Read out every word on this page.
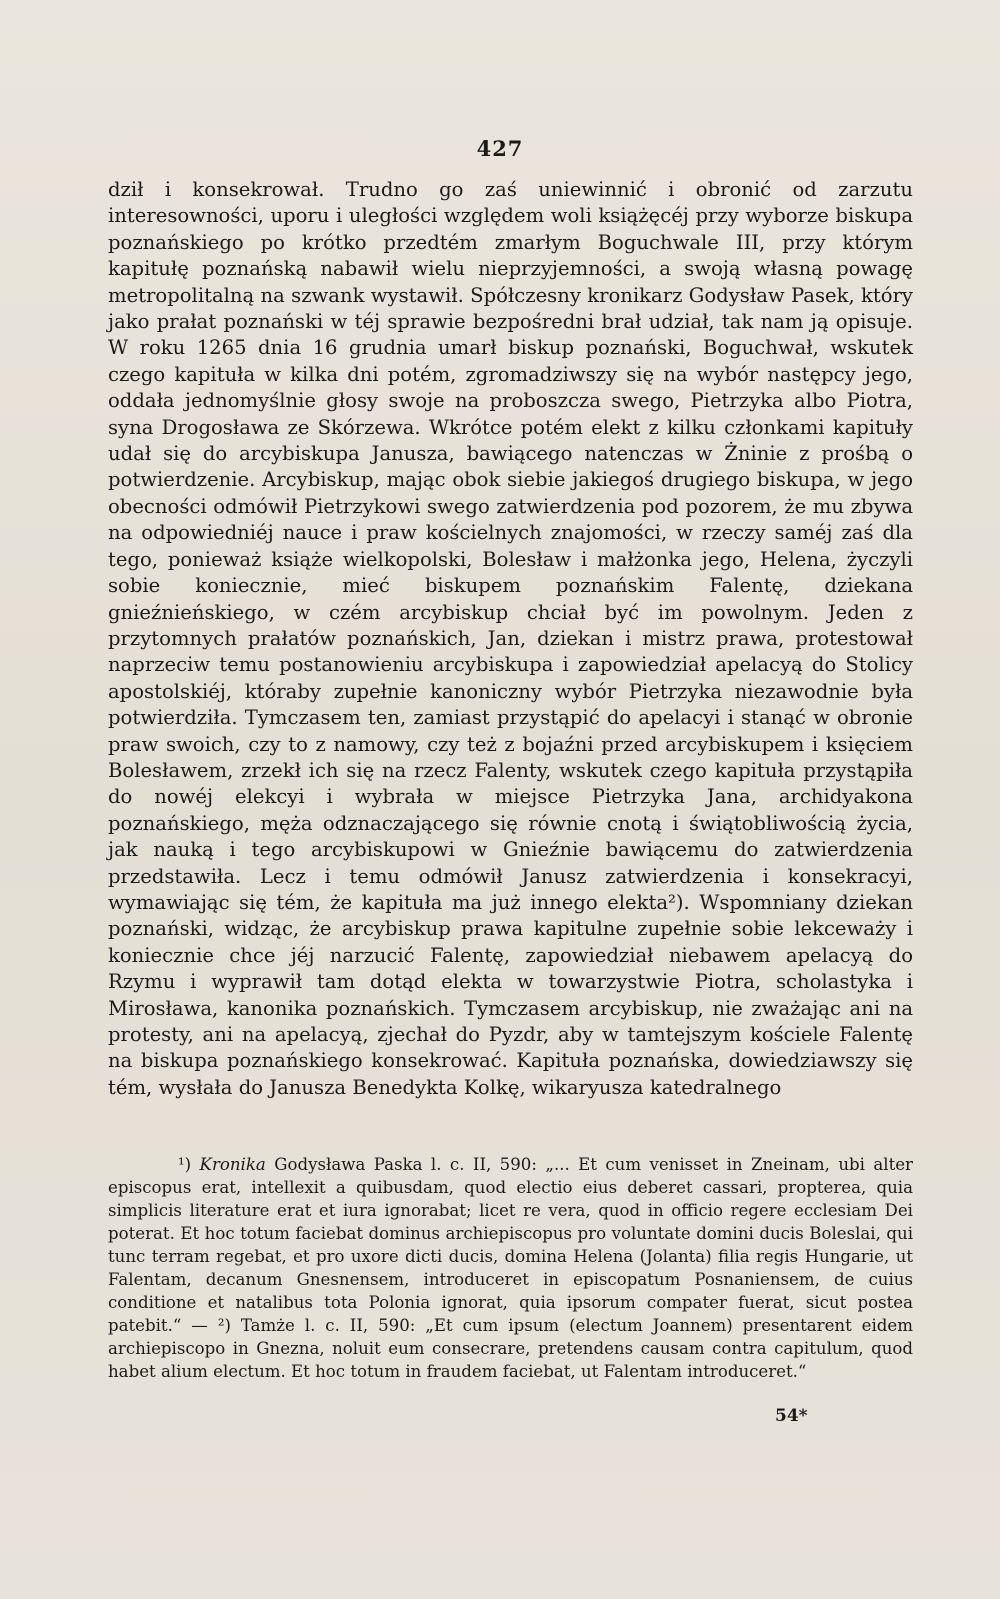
427

dził i konsekrował. Trudno go zaś uniewinnić i obronić od zarzutu interesowności, uporu i uległości względem woli książęcéj przy wyborze biskupa poznańskiego po krótko przedtém zmarłym Boguchwale III, przy którym kapitułę poznańską nabawił wielu nieprzyjemności, a swoją własną powagę metropolitalną na szwank wystawił. Spółczesny kronikarz Godysław Pasek, który jako prałat poznański w téj sprawie bezpośredni brał udział, tak nam ją opisuje. W roku 1265 dnia 16 grudnia umarł biskup poznański, Boguchwał, wskutek czego kapituła w kilka dni potém, zgromadziwszy się na wybór następcy jego, oddała jednomyślnie głosy swoje na proboszcza swego, Pietrzyka albo Piotra, syna Drogosława ze Skórzewa. Wkrótce potém elekt z kilku członkami kapituły udał się do arcybiskupa Janusza, bawiącego natenczas w Żninie z prośbą o potwierdzenie. Arcybiskup, mając obok siebie jakiegoś drugiego biskupa, w jego obecności odmówił Pietrzykowi swego zatwierdzenia pod pozorem, że mu zbywa na odpowiedniéj nauce i praw kościelnych znajomości, w rzeczy saméj zaś dla tego, ponieważ książe wielkopolski, Bolesław i małżonka jego, Helena, życzyli sobie koniecznie, mieć biskupem poznańskim Falentę, dziekana gnieźnieńskiego, w czém arcybiskup chciał być im powolnym. Jeden z przytomnych prałatów poznańskich, Jan, dziekan i mistrz prawa, protestował naprzeciw temu postanowieniu arcybiskupa i zapowiedział apelacyą do Stolicy apostolskiéj, któraby zupełnie kanoniczny wybór Pietrzyka niezawodnie była potwierdziła. Tymczasem ten, zamiast przystąpić do apelacyi i stanąć w obronie praw swoich, czy to z namowy, czy też z bojaźni przed arcybiskupem i księciem Bolesławem, zrzekł ich się na rzecz Falenty, wskutek czego kapituła przystąpiła do nowéj elekcyi i wybrała w miejsce Pietrzyka Jana, archidyakona poznańskiego, męża odznaczającego się równie cnotą i świątobliwością życia, jak nauką i tego arcybiskupowi w Gnieźnie bawiącemu do zatwierdzenia przedstawiła. Lecz i temu odmówił Janusz zatwierdzenia i konsekracyi, wymawiając się tém, że kapituła ma już innego elekta²). Wspomniany dziekan poznański, widząc, że arcybiskup prawa kapitulne zupełnie sobie lekceważy i koniecznie chce jéj narzucić Falentę, zapowiedział niebawem apelacyą do Rzymu i wyprawił tam dotąd elekta w towarzystwie Piotra, scholastyka i Mirosława, kanonika poznańskich. Tymczasem arcybiskup, nie zważając ani na protesty, ani na apelacyą, zjechał do Pyzdr, aby w tamtejszym kościele Falentę na biskupa poznańskiego konsekrować. Kapituła poznańska, dowiedziawszy się tém, wysłała do Janusza Benedykta Kolkę, wikaryusza katedralnego

¹) Kronika Godysława Paska l. c. II, 590: „... Et cum venisset in Zneinam, ubi alter episcopus erat, intellexit a quibusdam, quod electio eius deberet cassari, propterea, quia simplicis literature erat et iura ignorabat; licet re vera, quod in officio regere ecclesiam Dei poterat. Et hoc totum faciebat dominus archiepiscopus pro voluntate domini ducis Boleslai, qui tunc terram regebat, et pro uxore dicti ducis, domina Helena (Jolanta) filia regis Hungarie, ut Falentam, decanum Gnesnensem, introduceret in episcopatum Posnaniensem, de cuius conditione et natalibus tota Polonia ignorat, quia ipsorum compater fuerat, sicut postea patebit.“ — ²) Tamże l. c. II, 590: „Et cum ipsum (electum Joannem) presentarent eidem archiepiscopo in Gnezna, noluit eum consecrare, pretendens causam contra capitulum, quod habet alium electum. Et hoc totum in fraudem faciebat, ut Falentam introduceret.“

54*
